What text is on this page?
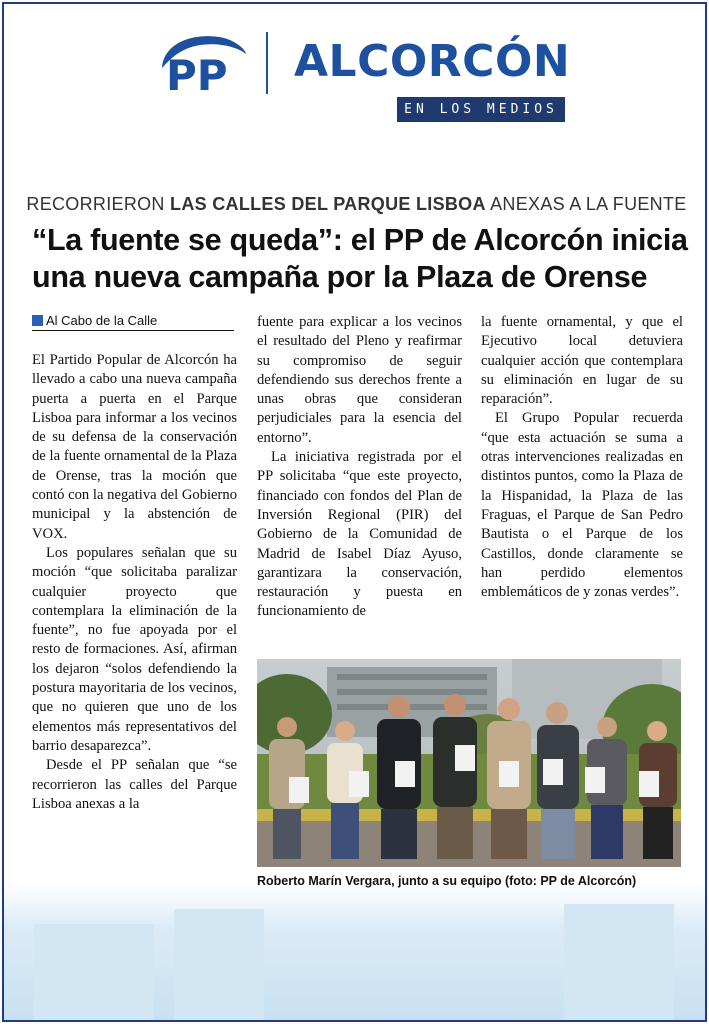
PP ALCORCÓN
EN LOS MEDIOS
RECORRIERON LAS CALLES DEL PARQUE LISBOA ANEXAS A LA FUENTE
“La fuente se queda”: el PP de Alcorcón inicia
una nueva campaña por la Plaza de Orense
Al Cabo de la Calle

El Partido Popular de Alcorcón ha llevado a cabo una nueva campaña puerta a puerta en el Parque Lisboa para informar a los vecinos de su defensa de la conservación de la fuente ornamental de la Plaza de Orense, tras la moción que contó con la negativa del Gobierno municipal y la abstención de VOX.

Los populares señalan que su moción “que solicitaba paralizar cualquier proyecto que contemplara la eliminación de la fuente”, no fue apoyada por el resto de formaciones. Así, afirman los dejaron “solos defendiendo la postura mayoritaria de los vecinos, que no quieren que uno de los elementos más representativos del barrio desaparezca”.

Desde el PP señalan que “se recorrieron las calles del Parque Lisboa anexas a la

fuente para explicar a los vecinos el resultado del Pleno y reafirmar su compromiso de seguir defendiendo sus derechos frente a unas obras que consideran perjudiciales para la esencia del entorno”.

La iniciativa registrada por el PP solicitaba “que este proyecto, financiado con fondos del Plan de Inversión Regional (PIR) del Gobierno de la Comunidad de Madrid de Isabel Díaz Ayuso, garantizara la conservación, restauración y puesta en funcionamiento de

la fuente ornamental, y que el Ejecutivo local detuviera cualquier acción que contemplara su eliminación en lugar de su reparación”.

El Grupo Popular recuerda “que esta actuación se suma a otras intervenciones realizadas en distintos puntos, como la Plaza de la Hispanidad, la Plaza de las Fraguas, el Parque de San Pedro Bautista o el Parque de los Castillos, donde claramente se han perdido elementos emblemáticos de y zonas verdes”.

Roberto Marín Vergara, junto a su equipo (foto: PP de Alcorcón)
